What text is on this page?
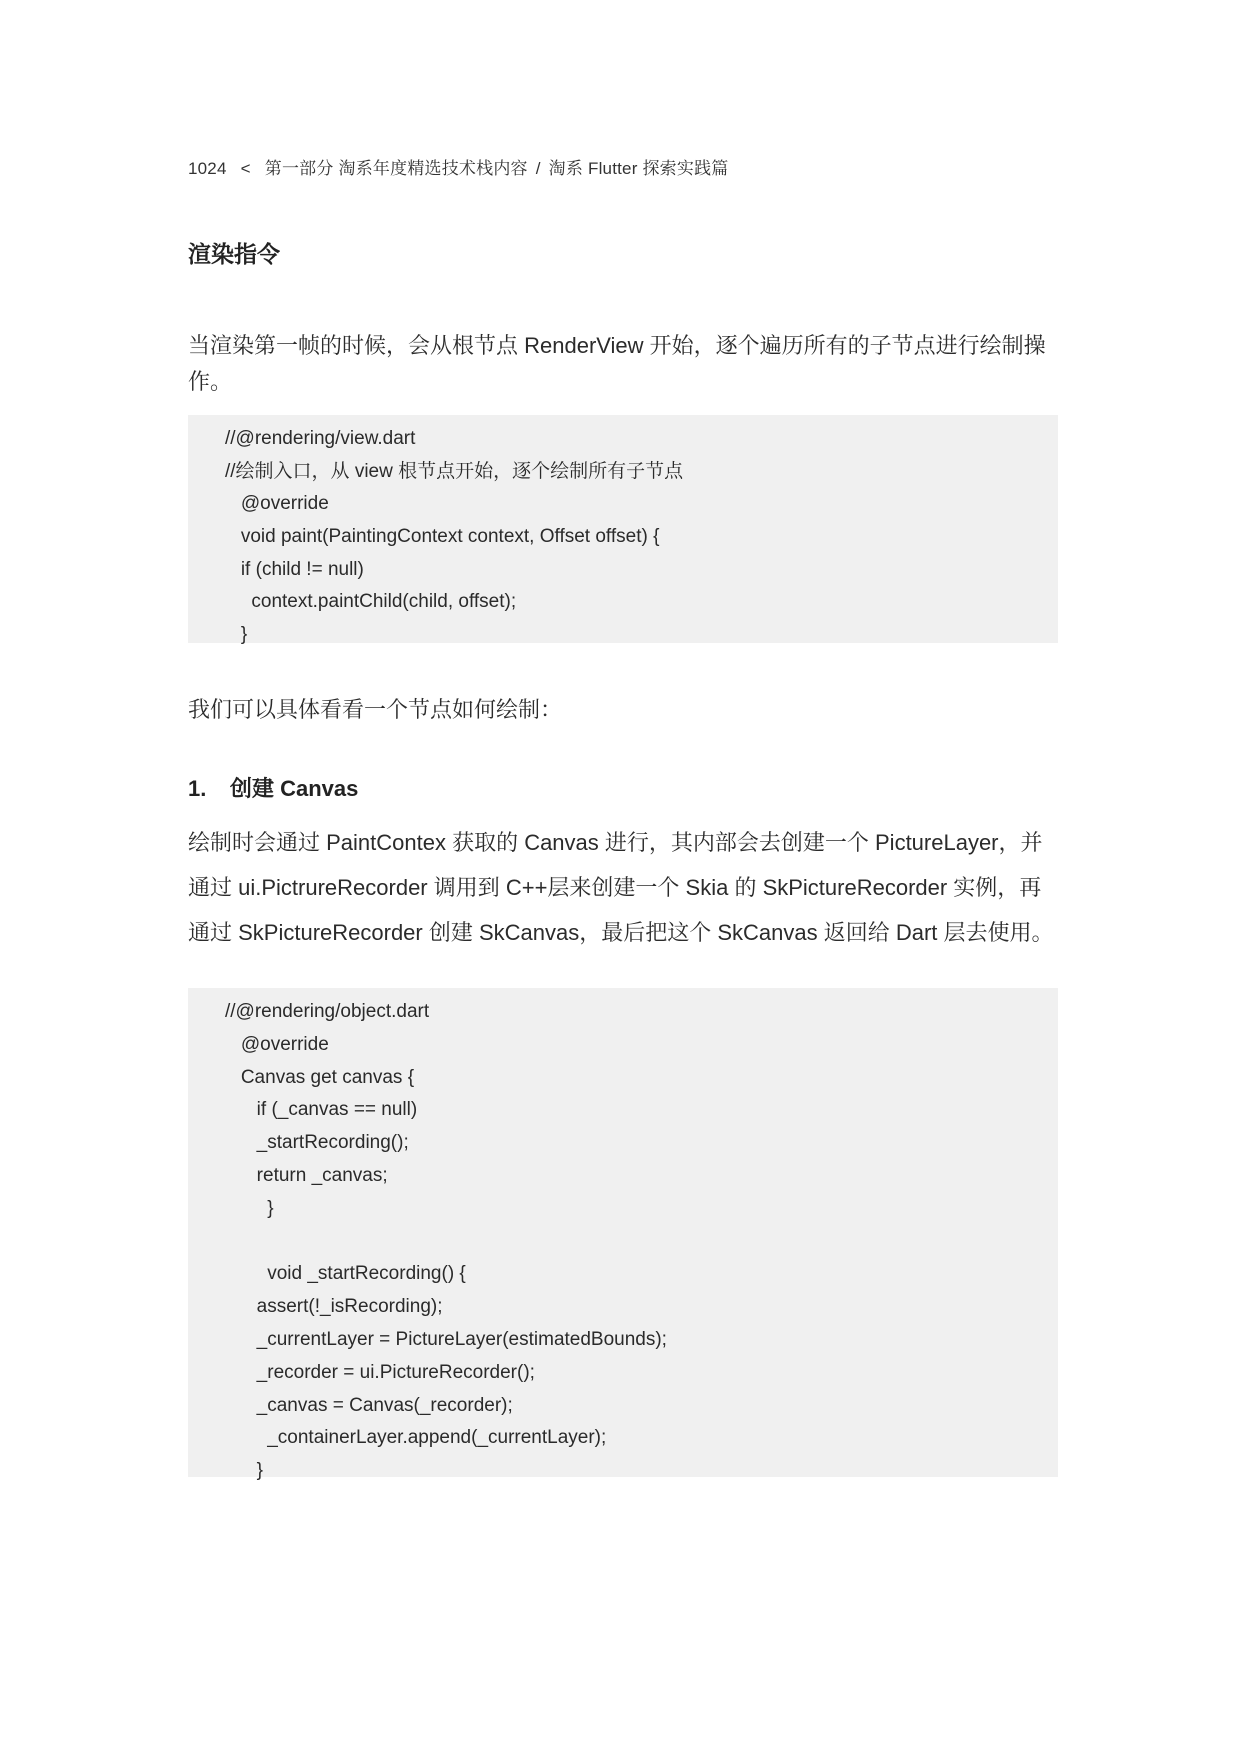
1024 < 第一部分 淘系年度精选技术栈内容 / 淘系 Flutter 探索实践篇
渲染指令

当渲染第一帧的时候，会从根节点 RenderView 开始，逐个遍历所有的子节点进行绘制操作。

//@rendering/view.dart
//绘制入口，从 view 根节点开始，逐个绘制所有子节点
@override
void paint(PaintingContext context, Offset offset) {
if (child != null)
context.paintChild(child, offset);
}

我们可以具体看看一个节点如何绘制：

1. 创建 Canvas

绘制时会通过 PaintContex 获取的 Canvas 进行，其内部会去创建一个 PictureLayer，并通过 ui.PictrureRecorder 调用到 C++层来创建一个 Skia 的 SkPictureRecorder 实例，再通过 SkPictureRecorder 创建 SkCanvas，最后把这个 SkCanvas 返回给 Dart 层去使用。

//@rendering/object.dart
@override
Canvas get canvas {
if (_canvas == null)
_startRecording();
return _canvas;
}
void _startRecording() {
assert(!_isRecording);
_currentLayer = PictureLayer(estimatedBounds);
_recorder = ui.PictureRecorder();
_canvas = Canvas(_recorder);
_containerLayer.append(_currentLayer);
}
